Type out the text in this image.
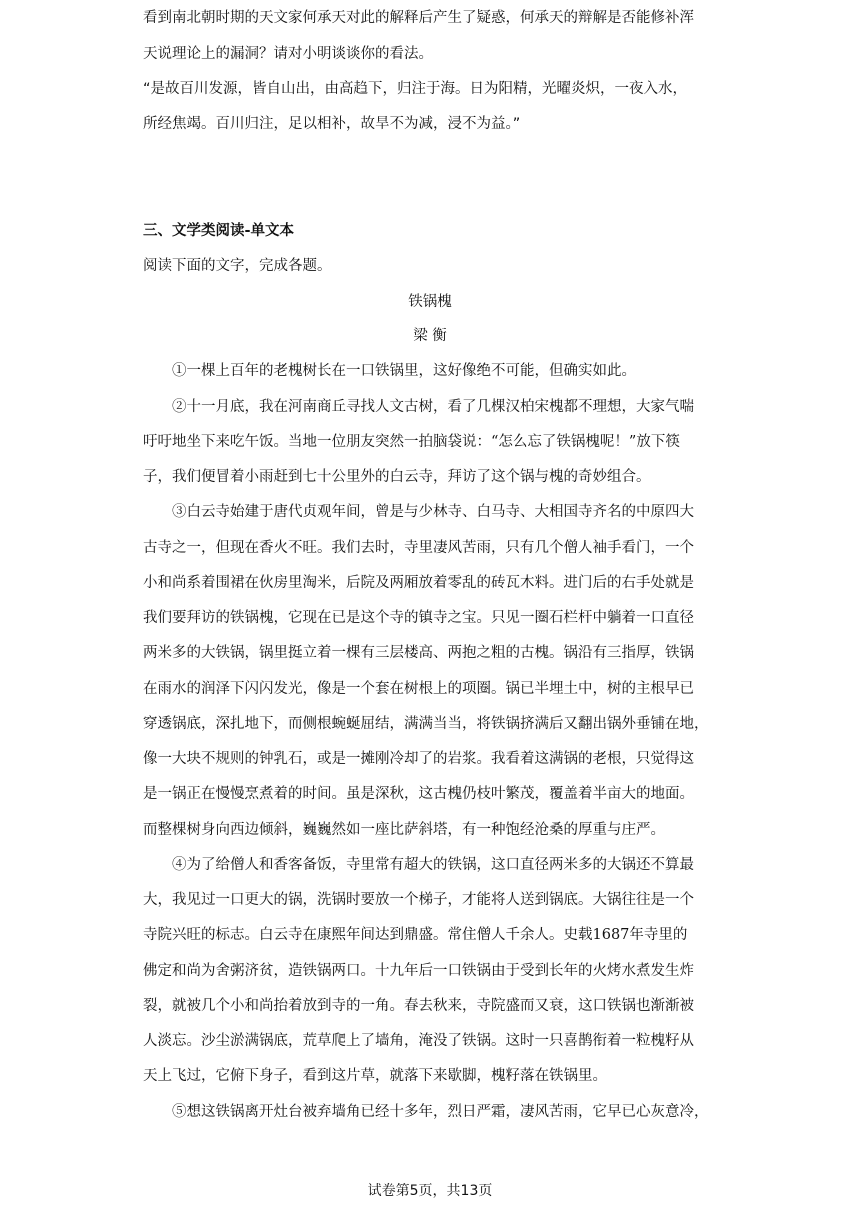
看到南北朝时期的天文家何承天对此的解释后产生了疑惑，何承天的辩解是否能修补浑
天说理论上的漏洞？请对小明谈谈你的看法。
“是故百川发源，皆自山出，由高趋下，归注于海。日为阳精，光曜炎炽，一夜入水，
所经焦竭。百川归注，足以相补，故旱不为减，浸不为益。”
三、文学类阅读-单文本
阅读下面的文字，完成各题。
铁锅槐
梁 衡
①一棵上百年的老槐树长在一口铁锅里，这好像绝不可能，但确实如此。
②十一月底，我在河南商丘寻找人文古树，看了几棵汉柏宋槐都不理想，大家气喘
吁吁地坐下来吃午饭。当地一位朋友突然一拍脑袋说：“怎么忘了铁锅槐呢！”放下筷
子，我们便冒着小雨赶到七十公里外的白云寺，拜访了这个锅与槐的奇妙组合。
③白云寺始建于唐代贞观年间，曾是与少林寺、白马寺、大相国寺齐名的中原四大
古寺之一，但现在香火不旺。我们去时，寺里凄风苦雨，只有几个僧人袖手看门，一个
小和尚系着围裙在伙房里淘米，后院及两厢放着零乱的砖瓦木料。进门后的右手处就是
我们要拜访的铁锅槐，它现在已是这个寺的镇寺之宝。只见一圈石栏杆中躺着一口直径
两米多的大铁锅，锅里挺立着一棵有三层楼高、两抱之粗的古槐。锅沿有三指厚，铁锅
在雨水的润泽下闪闪发光，像是一个套在树根上的项圈。锅已半埋土中，树的主根早已
穿透锅底，深扎地下，而侧根蜿蜒屈结，满满当当，将铁锅挤满后又翻出锅外垂铺在地，
像一大块不规则的钟乳石，或是一摊刚冷却了的岩浆。我看着这满锅的老根，只觉得这
是一锅正在慢慢烹煮着的时间。虽是深秋，这古槐仍枝叶繁茂，覆盖着半亩大的地面。
而整棵树身向西边倾斜，巍巍然如一座比萨斜塔，有一种饱经沧桑的厚重与庄严。
④为了给僧人和香客备饭，寺里常有超大的铁锅，这口直径两米多的大锅还不算最
大，我见过一口更大的锅，洗锅时要放一个梯子，才能将人送到锅底。大锅往往是一个
寺院兴旺的标志。白云寺在康熙年间达到鼎盛。常住僧人千余人。史载1687年寺里的
佛定和尚为舍粥济贫，造铁锅两口。十九年后一口铁锅由于受到长年的火烤水煮发生炸
裂，就被几个小和尚抬着放到寺的一角。春去秋来，寺院盛而又衰，这口铁锅也渐渐被
人淡忘。沙尘淤满锅底，荒草爬上了墙角，淹没了铁锅。这时一只喜鹊衔着一粒槐籽从
天上飞过，它俯下身子，看到这片草，就落下来歇脚，槐籽落在铁锅里。
⑤想这铁锅离开灶台被弃墙角已经十多年，烈日严霜，凄风苦雨，它早已心灰意冷，
试卷第5页，共13页
